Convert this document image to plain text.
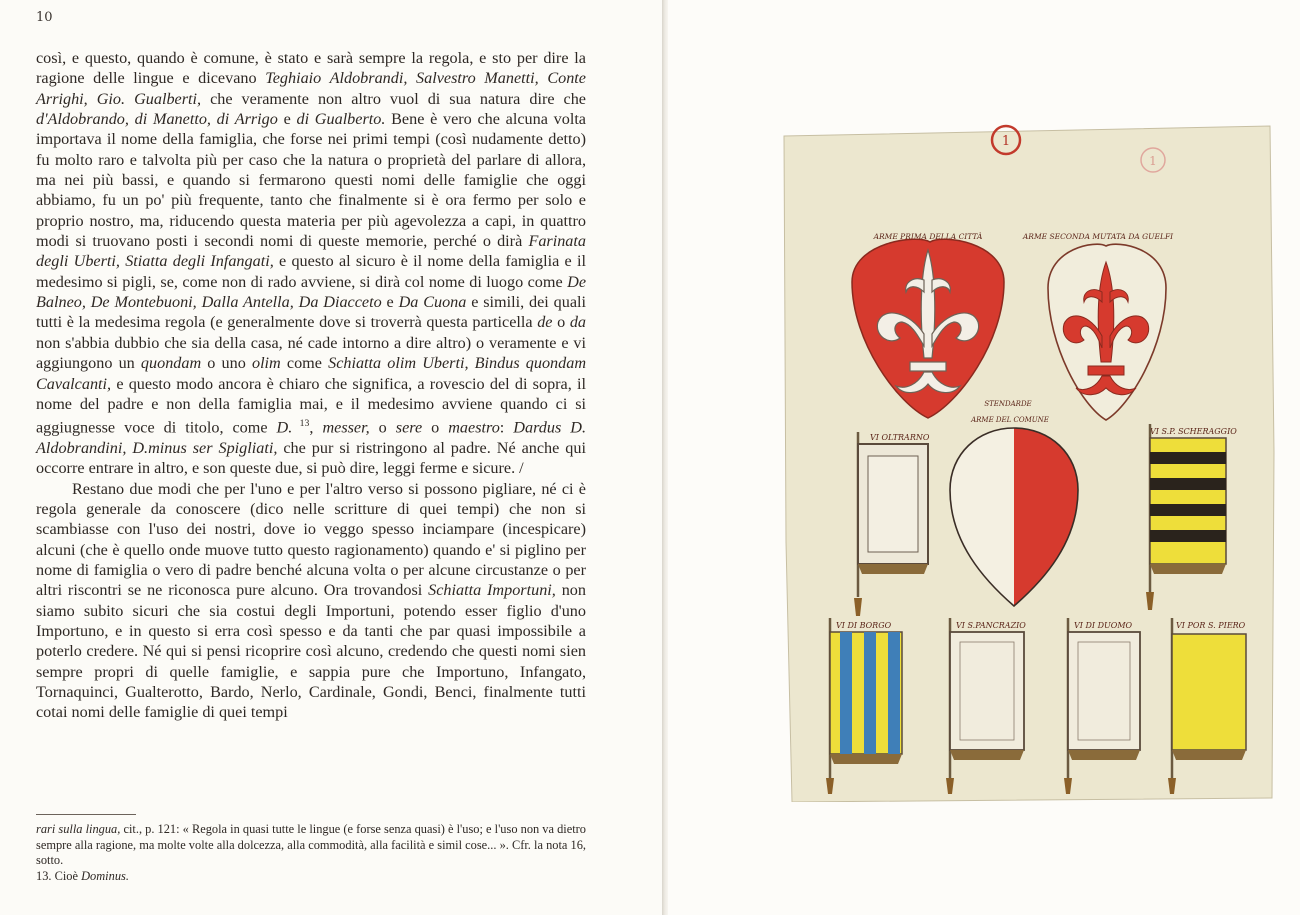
10

così, e questo, quando è comune, è stato e sarà sempre la regola, e sto per dire la ragione delle lingue e dicevano Teghiaio Aldobrandi, Salvestro Manetti, Conte Arrighi, Gio. Gualberti, che veramente non altro vuol di sua natura dire che d'Aldobrando, di Manetto, di Arrigo e di Gualberto. Bene è vero che alcuna volta importava il nome della famiglia, che forse nei primi tempi (così nudamente detto) fu molto raro e talvolta più per caso che la natura o proprietà del parlare di allora, ma nei più bassi, e quando si fermarono questi nomi delle famiglie che oggi abbiamo, fu un po' più frequente, tanto che finalmente si è ora fermo per solo e proprio nostro, ma, riducendo questa materia per più agevolezza a capi, in quattro modi si truovano posti i secondi nomi di queste memorie, perché o dirà Farinata degli Uberti, Stiatta degli Infangati, e questo al sicuro è il nome della famiglia e il medesimo si pigli, se, come non di rado avviene, si dirà col nome di luogo come De Balneo, De Montebuoni, Dalla Antella, Da Diacceto e Da Cuona e simili, dei quali tutti è la medesima regola (e generalmente dove si troverrà questa particella de o da non s'abbia dubbio che sia della casa, né cade intorno a dire altro) o veramente e vi aggiungono un quondam o uno olim come Schiatta olim Uberti, Bindus quondam Cavalcanti, e questo modo ancora è chiaro che significa, a rovescio del di sopra, il nome del padre e non della famiglia mai, e il medesimo avviene quando ci si aggiugnesse voce di titolo, come D. $^{13}$, messer, o sere o maestro: Dardus D. Aldobrandini, D.minus ser Spigliati, che pur si ristringono al padre. Né anche qui occorre entrare in altro, e son queste due, si può dire, leggi ferme e sicure. /

Restano due modi che per l'uno e per l'altro verso si possono pigliare, né ci è regola generale da conoscere (dico nelle scritture di quei tempi) che non si scambiasse con l'uso dei nostri, dove io veggo spesso inciampare (incespicare) alcuni (che è quello onde muove tutto questo ragionamento) quando e' si piglino per nome di famiglia o vero di padre benché alcuna volta o per alcune circustanze o per altri riscontri se ne riconosca pure alcuno. Ora trovandosi Schiatta Importuni, non siamo subito sicuri che sia costui degli Importuni, potendo esser figlio d'uno Importuno, e in questo si erra così spesso e da tanti che par quasi impossibile a poterlo credere. Né qui si pensi ricoprire così alcuno, credendo che questi nomi sien sempre propri di quelle famiglie, e sappia pure che Importuno, Infangato, Tornaquinci, Gualterotto, Bardo, Nerlo, Cardinale, Gondi, Benci, finalmente tutti cotai nomi delle famiglie di quei tempi

rari sulla lingua, cit., p. 121: « Regola in quasi tutte le lingue (e forse senza quasi) è l'uso; e l'uso non va dietro sempre alla ragione, ma molte volte alla dolcezza, alla commodità, alla facilità e simil cose... ». Cfr. la nota 16, sotto.

13. Cioè Dominus.

1
1
ARME PRIMA DELLA CITTÀ	ARME SECONDA MUTATA DA GUELFI
STENDARDE
ARME DEL COMUNE
VI OLTRARNO
VI S.P. SCHERAGGIO
VI DI BORGO	VI S.PANCRAZIO	VI DI DUOMO	VI POR S. PIERO
